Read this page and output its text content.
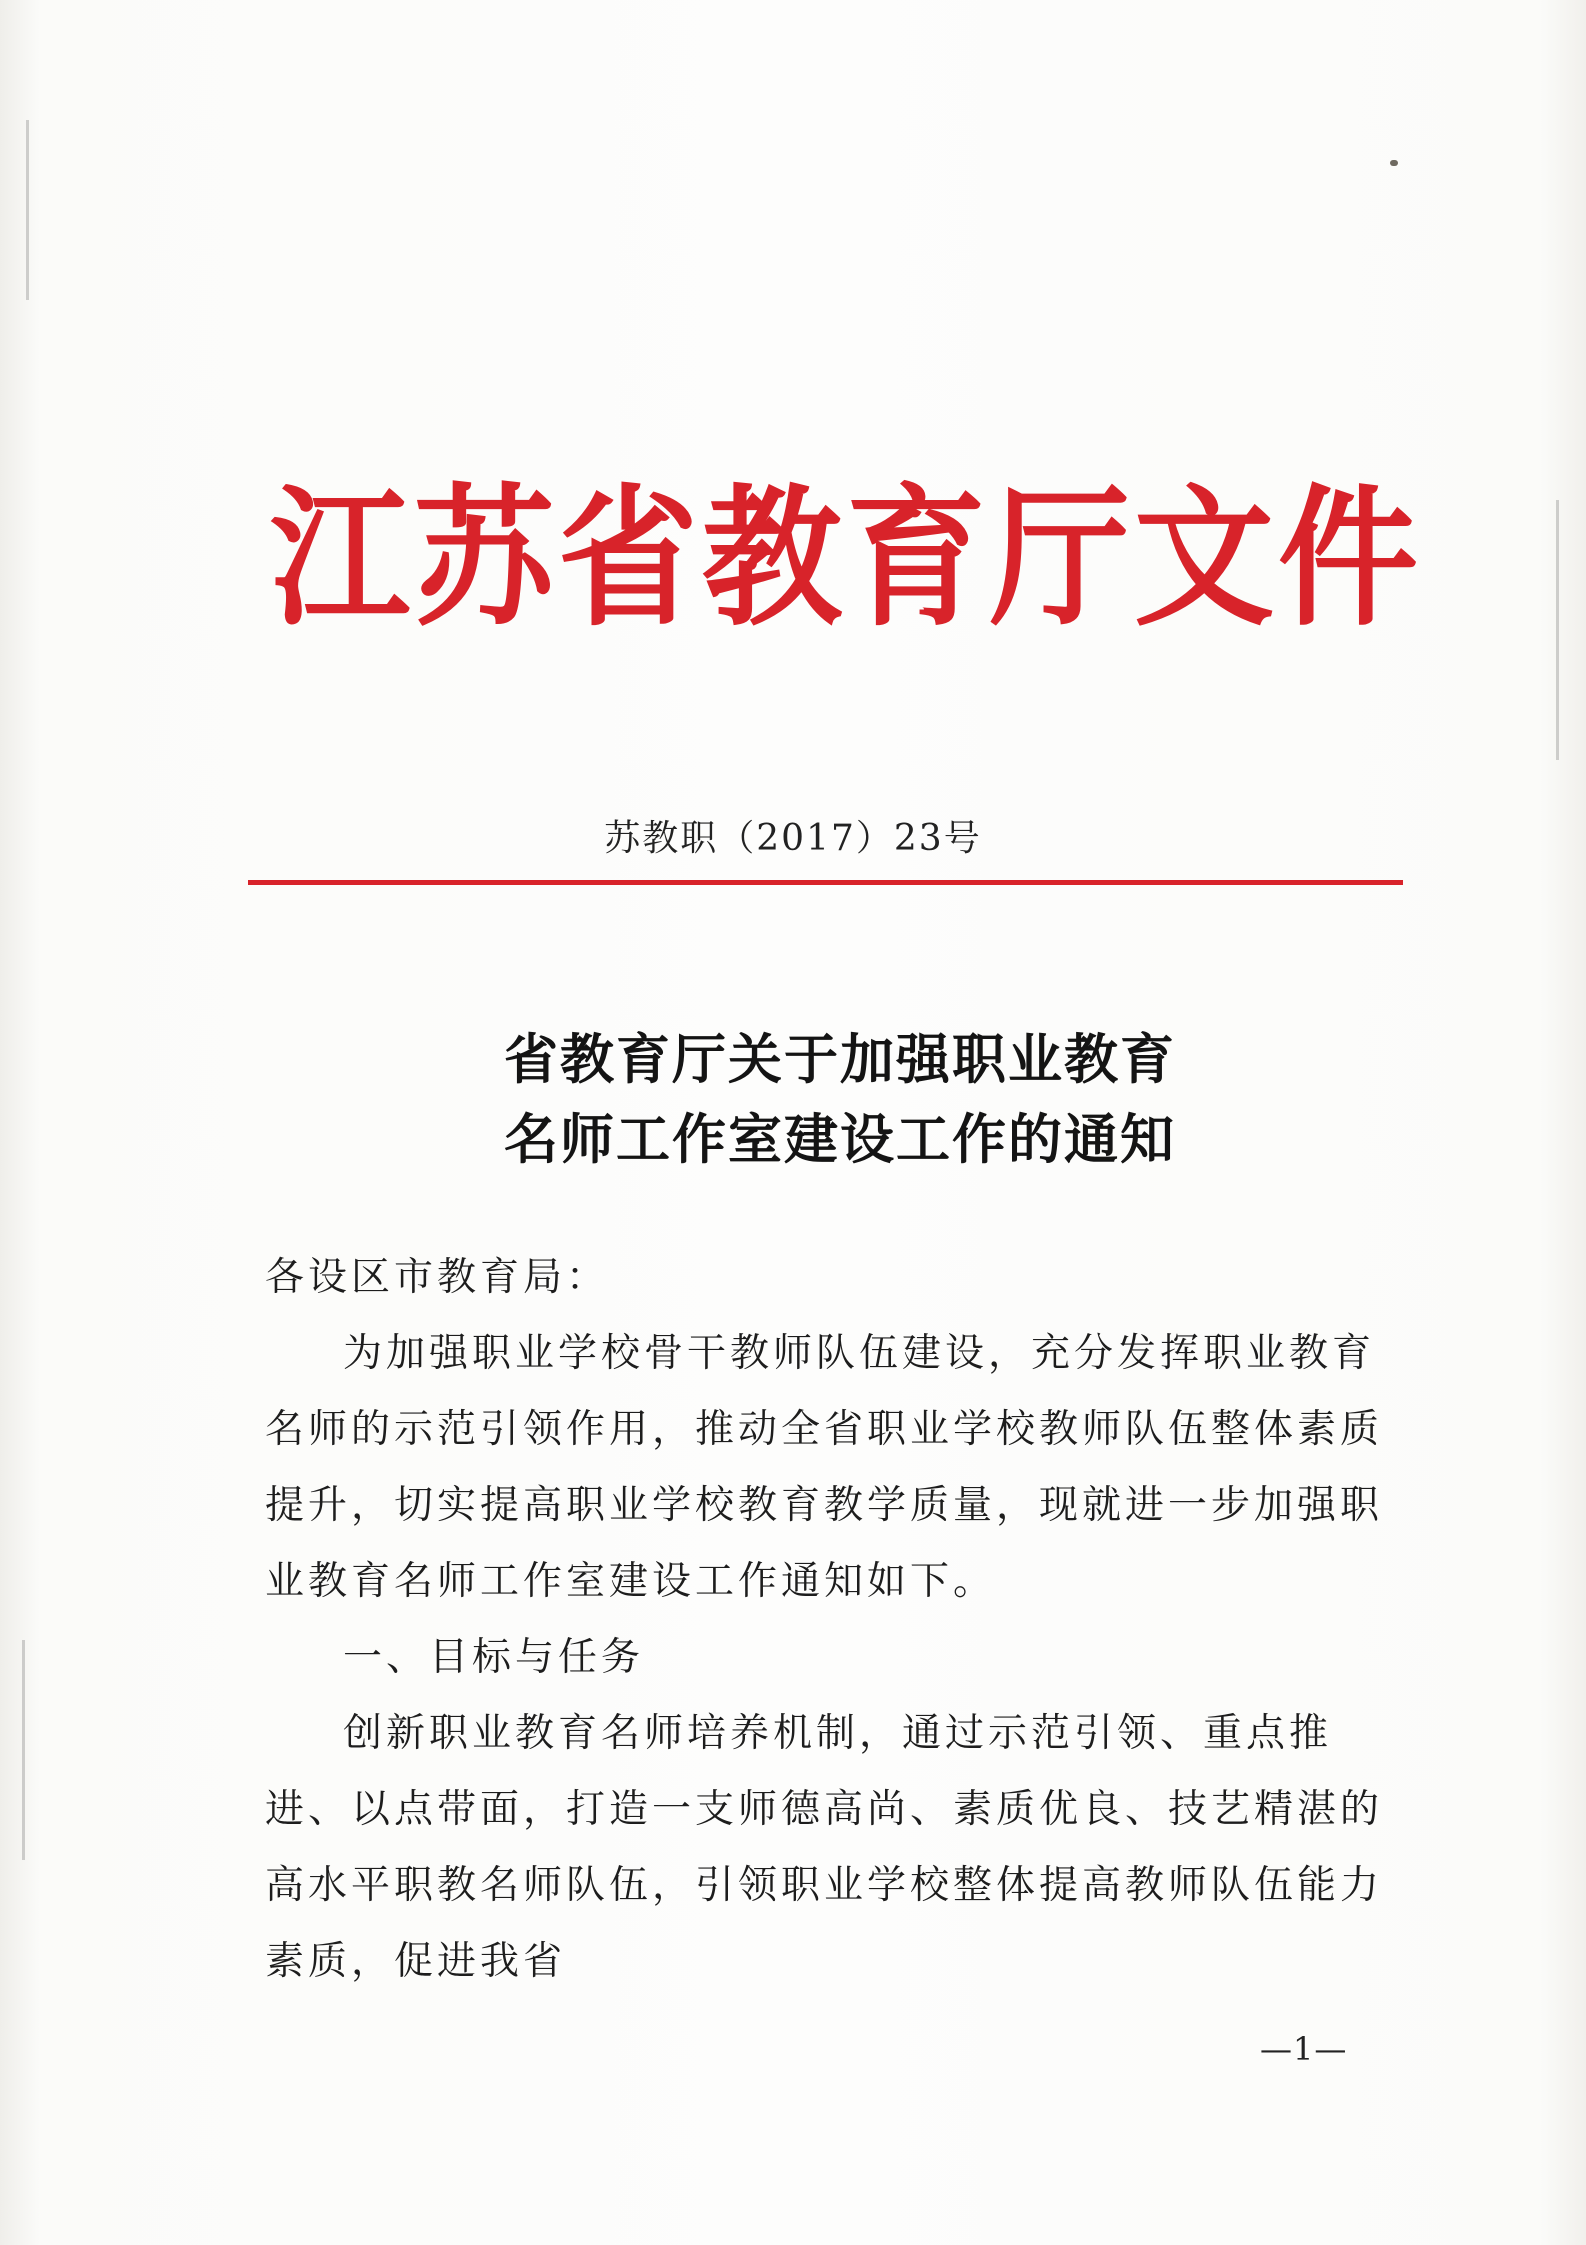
江苏省教育厅文件
苏教职（2017）23号
省教育厅关于加强职业教育
名师工作室建设工作的通知

各设区市教育局：

为加强职业学校骨干教师队伍建设，充分发挥职业教育名师的示范引领作用，推动全省职业学校教师队伍整体素质提升，切实提高职业学校教育教学质量，现就进一步加强职业教育名师工作室建设工作通知如下。

一、目标与任务

创新职业教育名师培养机制，通过示范引领、重点推进、以点带面，打造一支师德高尚、素质优良、技艺精湛的高水平职教名师队伍，引领职业学校整体提高教师队伍能力素质，促进我省

—1—
